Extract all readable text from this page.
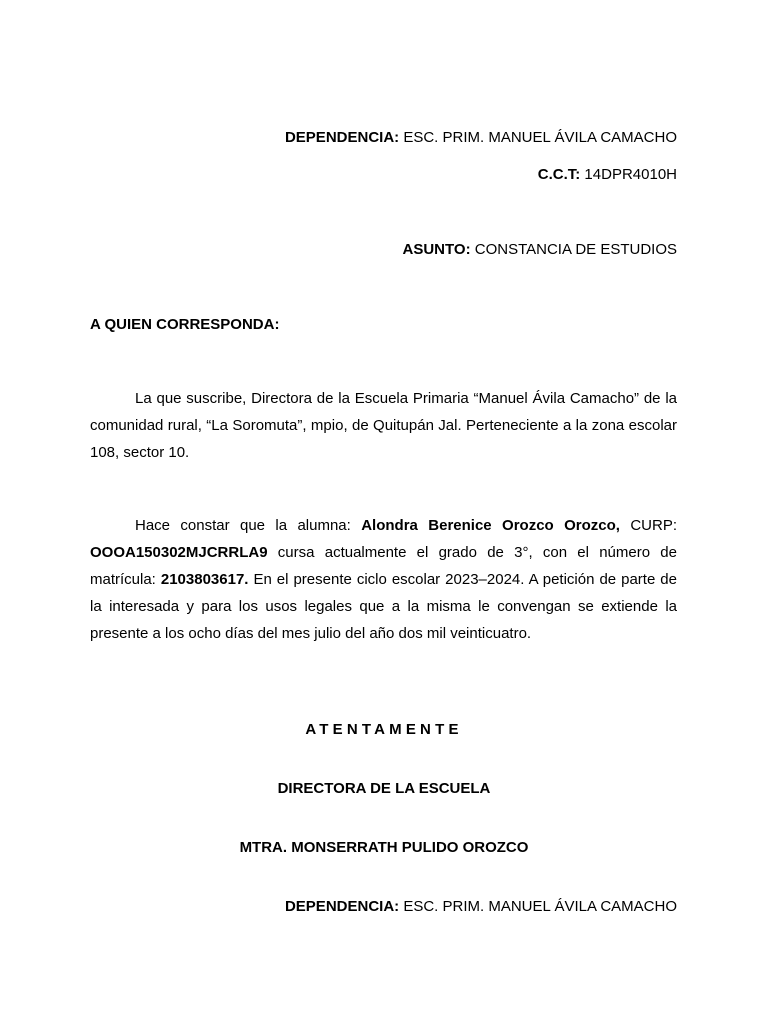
DEPENDENCIA: ESC. PRIM. MANUEL ÁVILA CAMACHO
C.C.T: 14DPR4010H
ASUNTO: CONSTANCIA DE ESTUDIOS
A QUIEN CORRESPONDA:
La que suscribe, Directora de la Escuela Primaria “Manuel Ávila Camacho” de la comunidad rural, “La Soromuta”, mpio, de Quitupán Jal. Perteneciente a la zona escolar 108, sector 10.
Hace constar que la alumna: Alondra Berenice Orozco Orozco, CURP: OOOA150302MJCRRLA9 cursa actualmente el grado de 3°, con el número de matrícula: 2103803617. En el presente ciclo escolar 2023–2024. A petición de parte de la interesada y para los usos legales que a la misma le convengan se extiende la presente a los ocho días del mes julio del año dos mil veinticuatro.
ATENTAMENTE
DIRECTORA DE LA ESCUELA
MTRA. MONSERRATH PULIDO OROZCO
DEPENDENCIA: ESC. PRIM. MANUEL ÁVILA CAMACHO
